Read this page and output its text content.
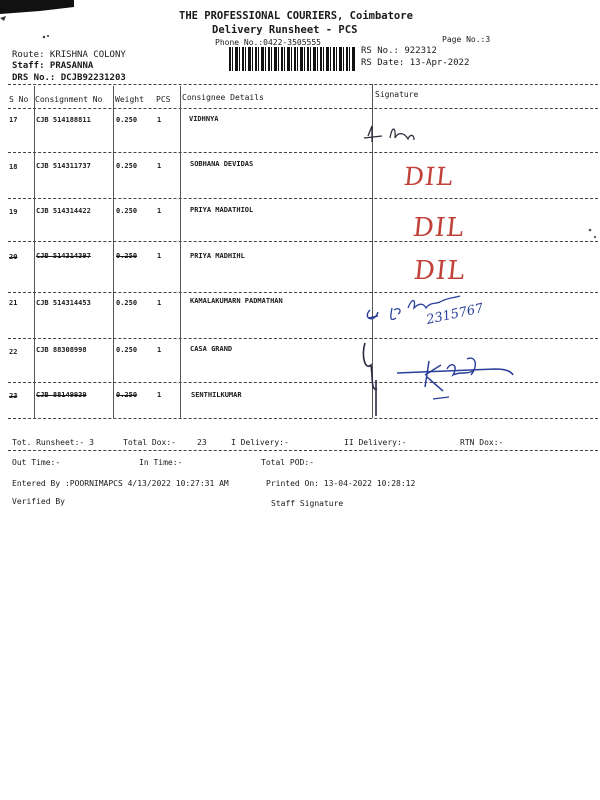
THE PROFESSIONAL COURIERS, Coimbatore
Delivery Runsheet - PCS
Phone No.:0422-3505555	Page No.:3
Route: KRISHNA COLONY
Staff: PRASANNA
DRS No.: DCJB92231203
RS No.: 922312
RS Date: 13-Apr-2022
S No Consignment No Weight PCS Consignee Details	Signature
17	CJB 514188811	0.250	1	VIDHNYA
18	CJB 514311737	0.250	1	SOBHANA DEVIDAS
19	CJB 514314422	0.250	1	PRIYA MADATHIOL
20	CJB 514314397	0.250	1	PRIYA MADHIHL
21	CJB 514314453	0.250	1	KAMALAKUMARN PADMATHAN
22	CJB 88308998	0.250	1	CASA GRAND
23	CJB 88149939	0.250	1	SENTHILKUMAR
DIL
DIL
DIL
2315767
Tot. Runsheet:- 3	Total Dox:-	23	I Delivery:-	II Delivery:-	RTN Dox:-
Out Time:-	In Time:-	Total POD:-
Entered By :POORNIMAPCS 4/13/2022 10:27:31 AM	Printed On: 13-04-2022 10:28:12
Verified By	Staff Signature
